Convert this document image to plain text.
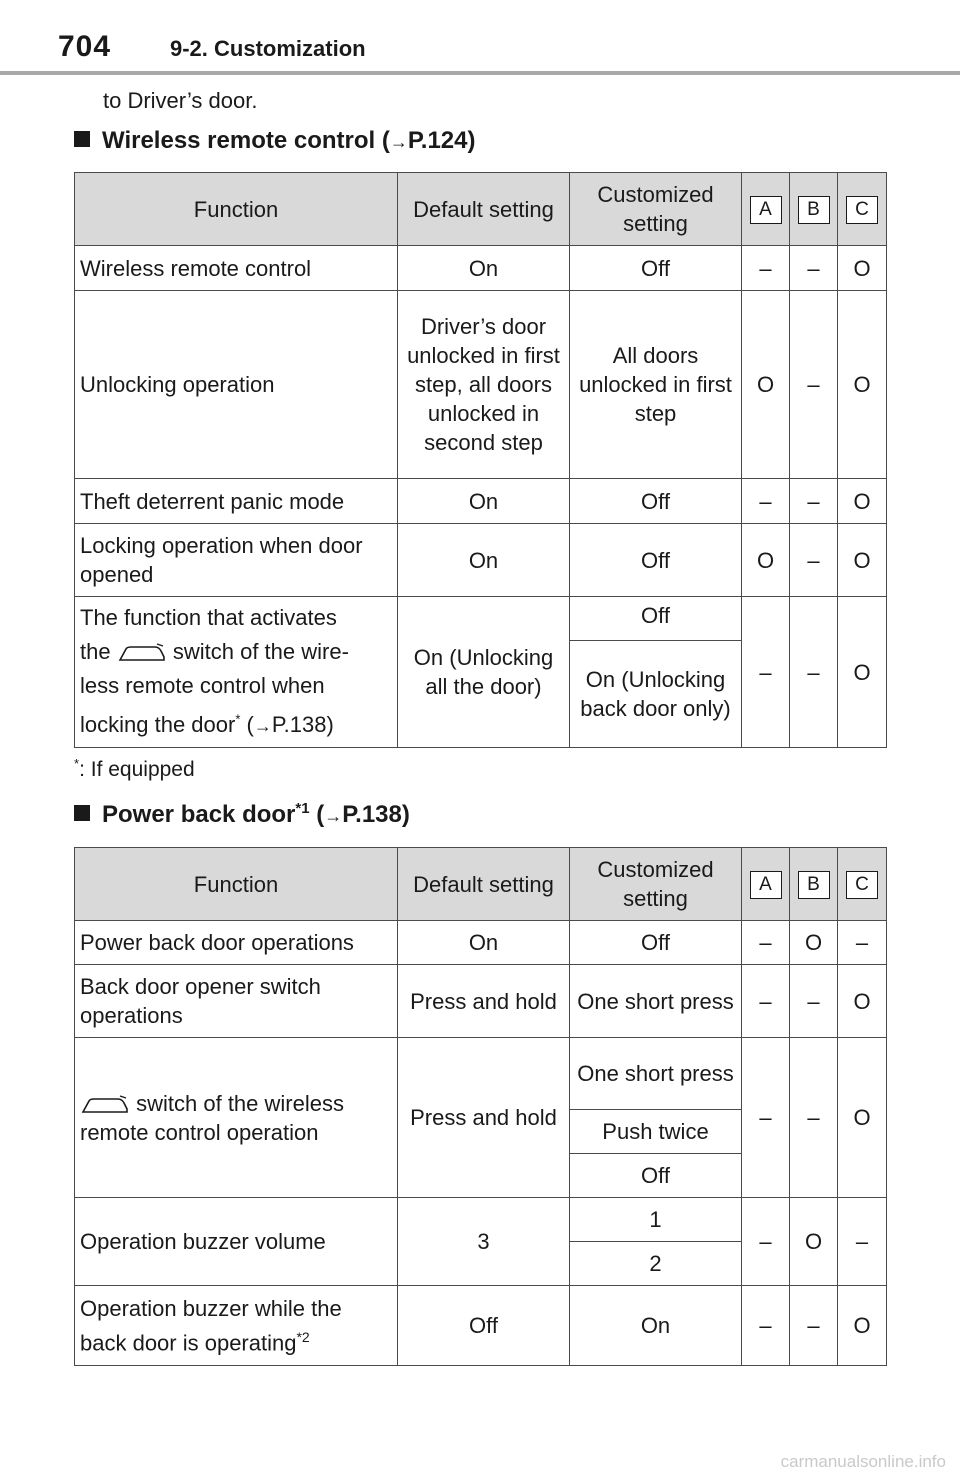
704	9-2. Customization
to Driver’s door.
Wireless remote control (→P.124)
Function	Default setting	Customized setting	A	B	C
Wireless remote control	On	Off	–	–	O
Unlocking operation	Driver’s door unlocked in first step, all doors unlocked in second step	All doors unlocked in first step	O	–	O
Theft deterrent panic mode	On	Off	–	–	O
Locking operation when door opened	On	Off	O	–	O
The function that activates
the switch of the wire-
less remote control when
locking the door* (→P.138)	On (Unlocking all the door)	Off	–	–	O
		On (Unlocking back door only)			
*: If equipped
Power back door$^{*1}$ (→P.138)
Function	Default setting	Customized setting	A	B	C
Power back door operations	On	Off	–	O	–
Back door opener switch operations	Press and hold	One short press	–	–	O
switch of the wireless remote control operation	Press and hold	One short press	–	–	O
		Push twice			
		Off			
Operation buzzer volume	3	1	–	O	–
		2			
Operation buzzer while the back door is operating$^{*2}$	Off	On	–	–	O
carmanualsonline.info
